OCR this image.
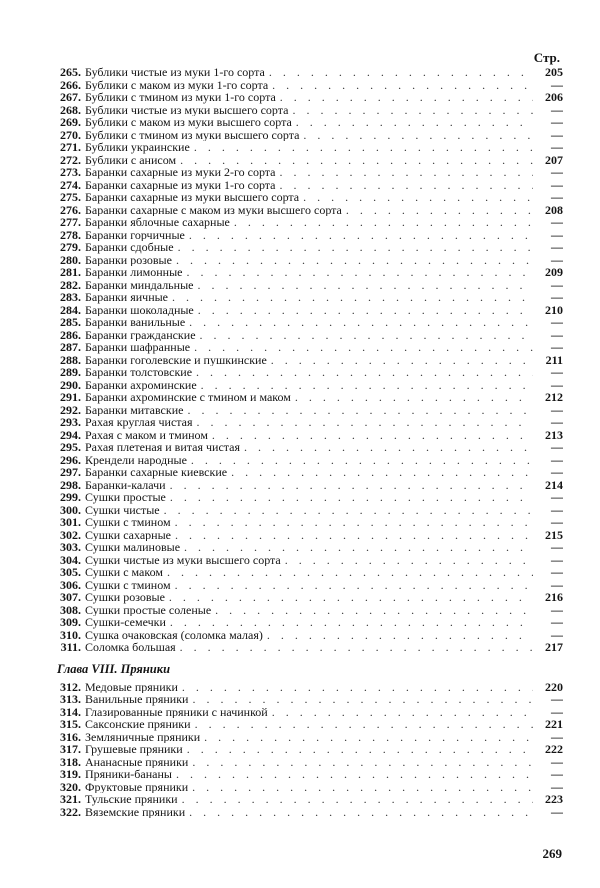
Стр.
265. Бублики чистые из муки 1-го сорта . . .	205
266. Бублики с маком из муки 1-го сорта . . .	—
267. Бублики с тмином из муки 1-го сорта . . .	206
268. Бублики чистые из муки высшего сорта . . .	—
269. Бублики с маком из муки высшего сорта . . .	—
270. Бублики с тмином из муки высшего сорта . . .	—
271. Бублики украинские . . .	—
272. Бублики с анисом . . .	207
273. Баранки сахарные из муки 2-го сорта . . .	—
274. Баранки сахарные из муки 1-го сорта . . .	—
275. Баранки сахарные из муки высшего сорта . . .	—
276. Баранки сахарные с маком из муки высшего сорта . . .	208
277. Баранки яблочные сахарные . . .	—
278. Баранки горчичные . . .	—
279. Баранки сдобные . . .	—
280. Баранки розовые . . .	—
281. Баранки лимонные . . .	209
282. Баранки миндальные . . .	—
283. Баранки яичные . . .	—
284. Баранки шоколадные . . .	210
285. Баранки ванильные . . .	—
286. Баранки гражданские . . .	—
287. Баранки шафранные . . .	—
288. Баранки гоголевские и пушкинские . . .	211
289. Баранки толстовские . . .	—
290. Баранки ахроминские . . .	—
291. Баранки ахроминские с тмином и маком . . .	212
292. Баранки митавские . . .	—
293. Рахая круглая чистая . . .	—
294. Рахая с маком и тмином . . .	213
295. Рахая плетеная и витая чистая . . .	—
296. Крендели народные . . .	—
297. Баранки сахарные киевские . . .	—
298. Баранки-калачи . . .	214
299. Сушки простые . . .	—
300. Сушки чистые . . .	—
301. Сушки с тмином . . .	—
302. Сушки сахарные . . .	215
303. Сушки малиновые . . .	—
304. Сушки чистые из муки высшего сорта . . .	—
305. Сушки с маком . . .	—
306. Сушки с тмином . . .	—
307. Сушки розовые . . .	216
308. Сушки простые соленые . . .	—
309. Сушки-семечки . . .	—
310. Сушка очаковская (соломка малая) . . .	—
311. Соломка большая . . .	217
Глава VIII. Пряники
312. Медовые пряники . . .	220
313. Ванильные пряники . . .	—
314. Глазированные пряники с начинкой . . .	—
315. Саксонские пряники . . .	221
316. Земляничные пряники . . .	—
317. Грушевые пряники . . .	222
318. Ананасные пряники . . .	—
319. Пряники-бананы . . .	—
320. Фруктовые пряники . . .	—
321. Тульские пряники . . .	223
322. Вяземские пряники . . .	—
269
